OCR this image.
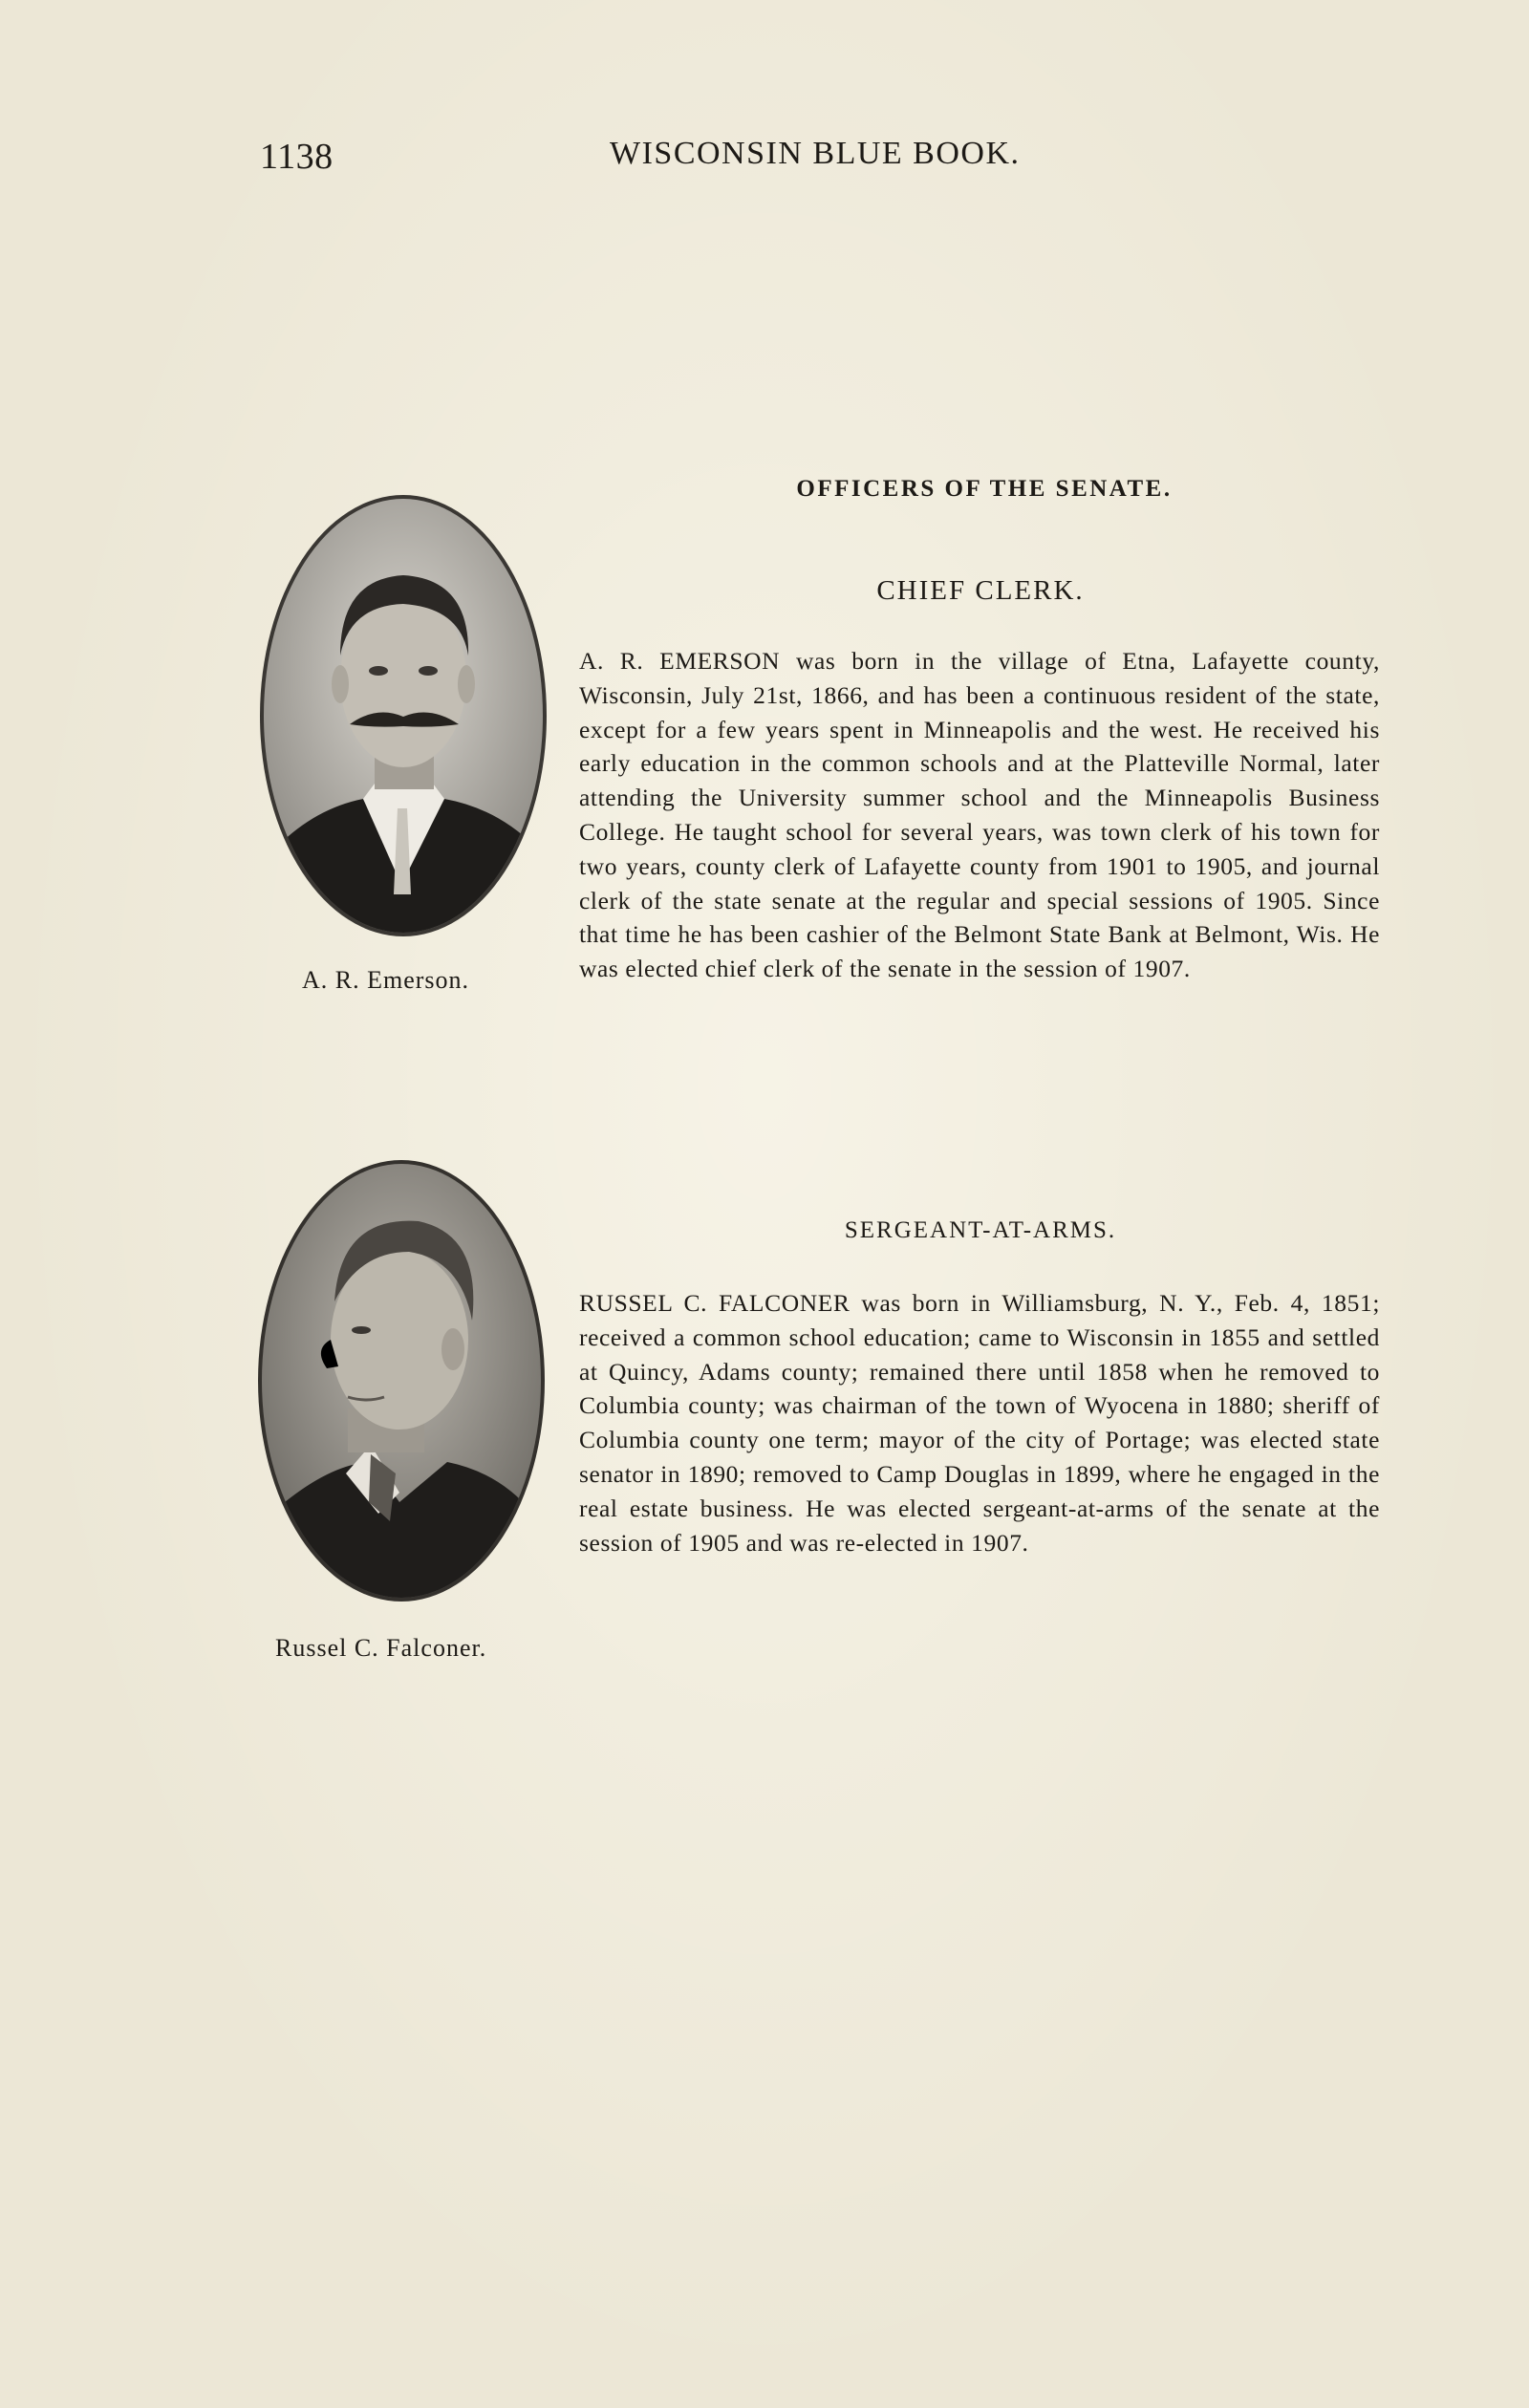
1138	WISCONSIN BLUE BOOK.
OFFICERS OF THE SENATE.
A. R. Emerson.
CHIEF CLERK.

A. R. EMERSON was born in the village of Etna, Lafayette county, Wisconsin, July 21st, 1866, and has been a continuous resident of the state, except for a few years spent in Minneapolis and the west. He received his early education in the common schools and at the Platteville Normal, later attending the University summer school and the Minneapolis Business College. He taught school for several years, was town clerk of his town for two years, county clerk of Lafayette county from 1901 to 1905, and journal clerk of the state senate at the regular and special sessions of 1905. Since that time he has been cashier of the Belmont State Bank at Belmont, Wis. He was elected chief clerk of the senate in the session of 1907.

Russel C. Falconer.
SERGEANT-AT-ARMS.

RUSSEL C. FALCONER was born in Williamsburg, N. Y., Feb. 4, 1851; received a common school education; came to Wisconsin in 1855 and settled at Quincy, Adams county; remained there until 1858 when he removed to Columbia county; was chairman of the town of Wyocena in 1880; sheriff of Columbia county one term; mayor of the city of Portage; was elected state senator in 1890; removed to Camp Douglas in 1899, where he engaged in the real estate business. He was elected sergeant-at-arms of the senate at the session of 1905 and was re-elected in 1907.
